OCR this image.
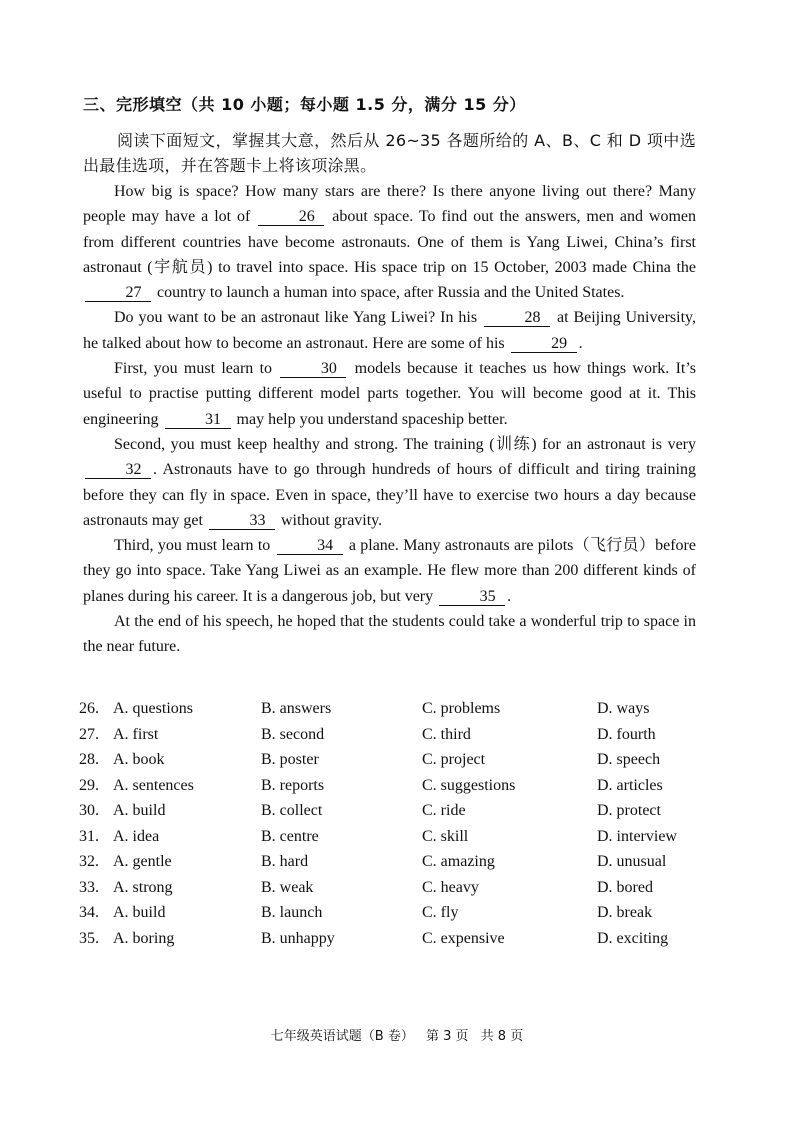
三、完形填空（共 10 小题；每小题 1.5 分，满分 15 分）
阅读下面短文，掌握其大意，然后从 26~35 各题所给的 A、B、C 和 D 项中选出最佳选项，并在答题卡上将该项涂黑。

How big is space? How many stars are there? Is there anyone living out there? Many people may have a lot of	26 about space. To find out the answers, men and women from different countries have become astronauts. One of them is Yang Liwei, China’s first astronaut (宇航员) to travel into space. His space trip on 15 October, 2003 made China the 27 country to launch a human into space, after Russia and the United States.

Do you want to be an astronaut like Yang Liwei? In his	28 at Beijing University, he talked about how to become an astronaut. Here are some of his	29 .

First, you must learn to	30 models because it teaches us how things work. It’s useful to practise putting different model parts together. You will become good at it. This engineering	31 may help you understand spaceship better.

Second, you must keep healthy and strong. The training (训练) for an astronaut is very 32 . Astronauts have to go through hundreds of hours of difficult and tiring training before they can fly in space. Even in space, they’ll have to exercise two hours a day because astronauts may get	33 without gravity.

Third, you must learn to	34 a plane. Many astronauts are pilots（飞行员）before they go into space. Take Yang Liwei as an example. He flew more than 200 different kinds of planes during his career. It is a dangerous job, but very	35 .

At the end of his speech, he hoped that the students could take a wonderful trip to space in the near future.

26. A. questions	B. answers	C. problems	D. ways
27. A. first	B. second	C. third	D. fourth
28. A. book	B. poster	C. project	D. speech
29. A. sentences	B. reports	C. suggestions	D. articles
30. A. build	B. collect	C. ride	D. protect
31. A. idea	B. centre	C. skill	D. interview
32. A. gentle	B. hard	C. amazing	D. unusual
33. A. strong	B. weak	C. heavy	D. bored
34. A. build	B. launch	C. fly	D. break
35. A. boring	B. unhappy	C. expensive	D. exciting
七年级英语试题（B 卷） 第 3 页 共 8 页
